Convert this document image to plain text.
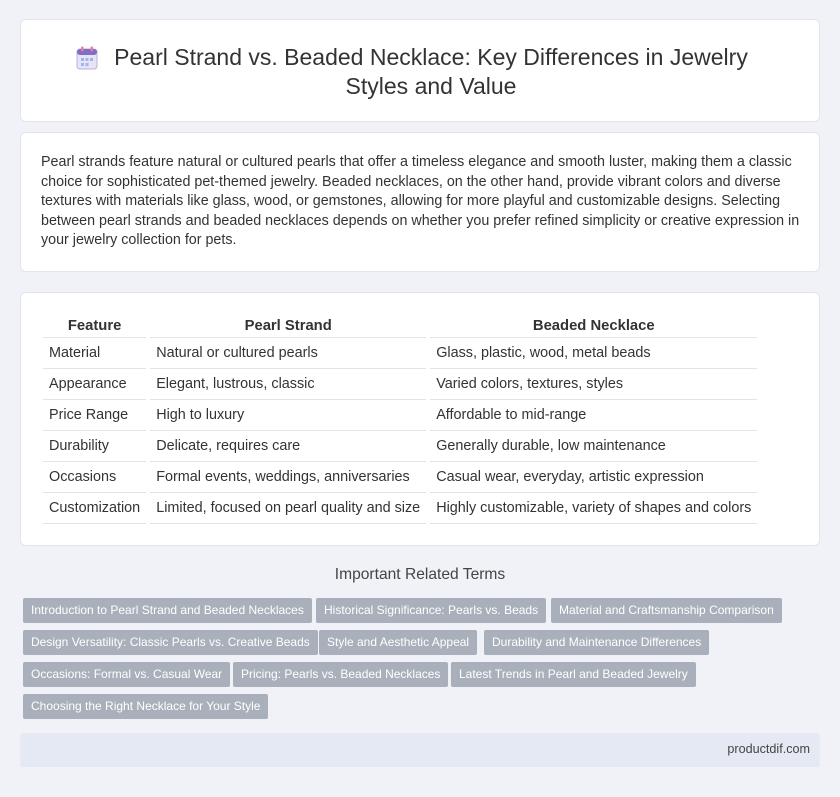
Pearl Strand vs. Beaded Necklace: Key Differences in Jewelry Styles and Value

Pearl strands feature natural or cultured pearls that offer a timeless elegance and smooth luster, making them a classic choice for sophisticated pet-themed jewelry. Beaded necklaces, on the other hand, provide vibrant colors and diverse textures with materials like glass, wood, or gemstones, allowing for more playful and customizable designs. Selecting between pearl strands and beaded necklaces depends on whether you prefer refined simplicity or creative expression in your jewelry collection for pets.

Feature	Pearl Strand	Beaded Necklace
Material	Natural or cultured pearls	Glass, plastic, wood, metal beads
Appearance	Elegant, lustrous, classic	Varied colors, textures, styles
Price Range	High to luxury	Affordable to mid-range
Durability	Delicate, requires care	Generally durable, low maintenance
Occasions	Formal events, weddings, anniversaries	Casual wear, everyday, artistic expression
Customization	Limited, focused on pearl quality and size	Highly customizable, variety of shapes and colors
Important Related Terms
Introduction to Pearl Strand and Beaded Necklaces	Historical Significance: Pearls vs. Beads	Material and Craftsmanship Comparison
Design Versatility: Classic Pearls vs. Creative Beads	Style and Aesthetic Appeal	Durability and Maintenance Differences
Occasions: Formal vs. Casual Wear	Pricing: Pearls vs. Beaded Necklaces	Latest Trends in Pearl and Beaded Jewelry
Choosing the Right Necklace for Your Style
productdif.com
